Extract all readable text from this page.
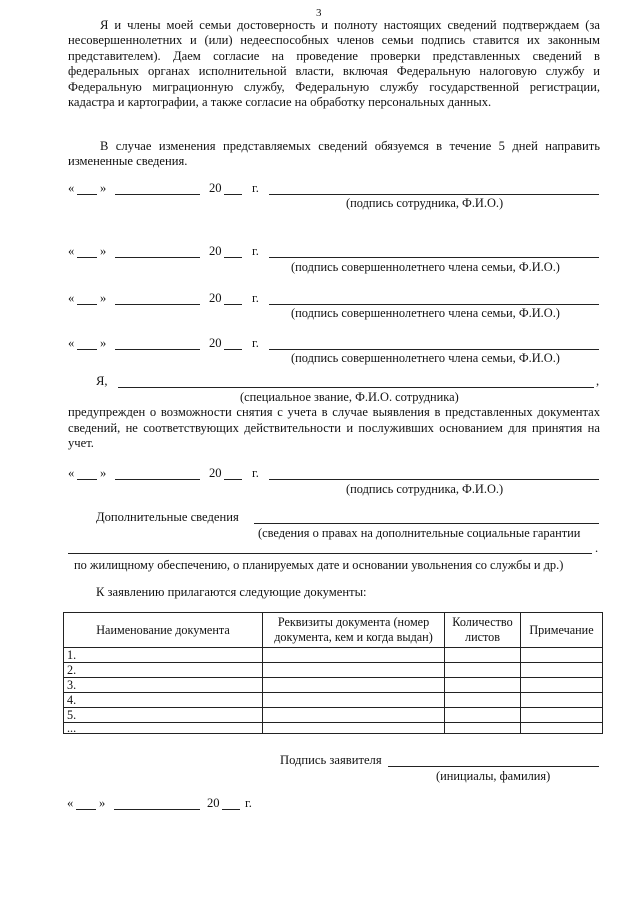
3
Я и члены моей семьи достоверность и полноту настоящих сведений подтверждаем (за несовершеннолетних и (или) недееспособных членов семьи подпись ставится их законным представителем). Даем согласие на проведение проверки представленных сведений в федеральных органах исполнительной власти, включая Федеральную налоговую службу и Федеральную миграционную службу, Федеральную службу государственной регистрации, кадастра и картографии, а также согласие на обработку персональных данных.
В случае изменения представляемых сведений обязуемся в течение 5 дней направить измененные сведения.
« »	20 г.
(подпись сотрудника, Ф.И.О.)
« »	20 г.
(подпись совершеннолетнего члена семьи, Ф.И.О.)
« »	20 г.
(подпись совершеннолетнего члена семьи, Ф.И.О.)
« »	20 г.
(подпись совершеннолетнего члена семьи, Ф.И.О.)
Я,	,
(специальное звание, Ф.И.О. сотрудника)
предупрежден о возможности снятия с учета в случае выявления в представленных документах сведений, не соответствующих действительности и послуживших основанием для принятия на учет.
« »	20 г.
(подпись сотрудника, Ф.И.О.)
Дополнительные сведения
(сведения о правах на дополнительные социальные гарантии
.
по жилищному обеспечению, о планируемых дате и основании увольнения со службы и др.)
К заявлению прилагаются следующие документы:
Наименование документа	Реквизиты документа (номер документа, кем и когда выдан)	Количество листов	Примечание
1.			
2.			
3.			
4.			
5.			
...			
Подпись заявителя
(инициалы, фамилия)
« »	20 г.
